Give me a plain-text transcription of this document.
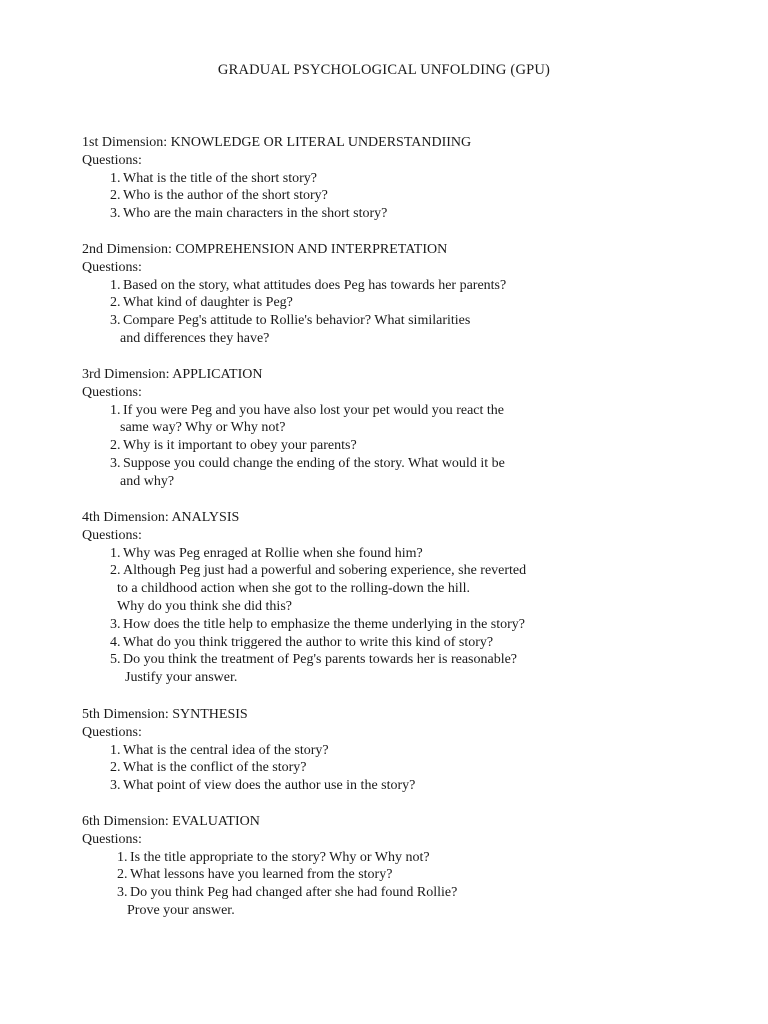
GRADUAL PSYCHOLOGICAL UNFOLDING (GPU)
1st Dimension: KNOWLEDGE OR LITERAL UNDERSTANDIING
Questions:
1. What is the title of the short story?
2. Who is the author of the short story?
3. Who are the main characters in the short story?
2nd Dimension: COMPREHENSION AND INTERPRETATION
Questions:
1. Based on the story, what attitudes does Peg has towards her parents?
2. What kind of daughter is Peg?
3. Compare Peg's attitude to Rollie's behavior? What similarities
and differences they have?
3rd Dimension: APPLICATION
Questions:
1. If you were Peg and you have also lost your pet would you react the
same way? Why or Why not?
2. Why is it important to obey your parents?
3. Suppose you could change the ending of the story. What would it be
and why?
4th Dimension: ANALYSIS
Questions:
1. Why was Peg enraged at Rollie when she found him?
2. Although Peg just had a powerful and sobering experience, she reverted
to a childhood action when she got to the rolling-down the hill.
Why do you think she did this?
3. How does the title help to emphasize the theme underlying in the story?
4. What do you think triggered the author to write this kind of story?
5. Do you think the treatment of Peg's parents towards her is reasonable?
Justify your answer.
5th Dimension: SYNTHESIS
Questions:
1. What is the central idea of the story?
2. What is the conflict of the story?
3. What point of view does the author use in the story?
6th Dimension: EVALUATION
Questions:
1. Is the title appropriate to the story? Why or Why not?
2. What lessons have you learned from the story?
3. Do you think Peg had changed after she had found Rollie?
Prove your answer.
